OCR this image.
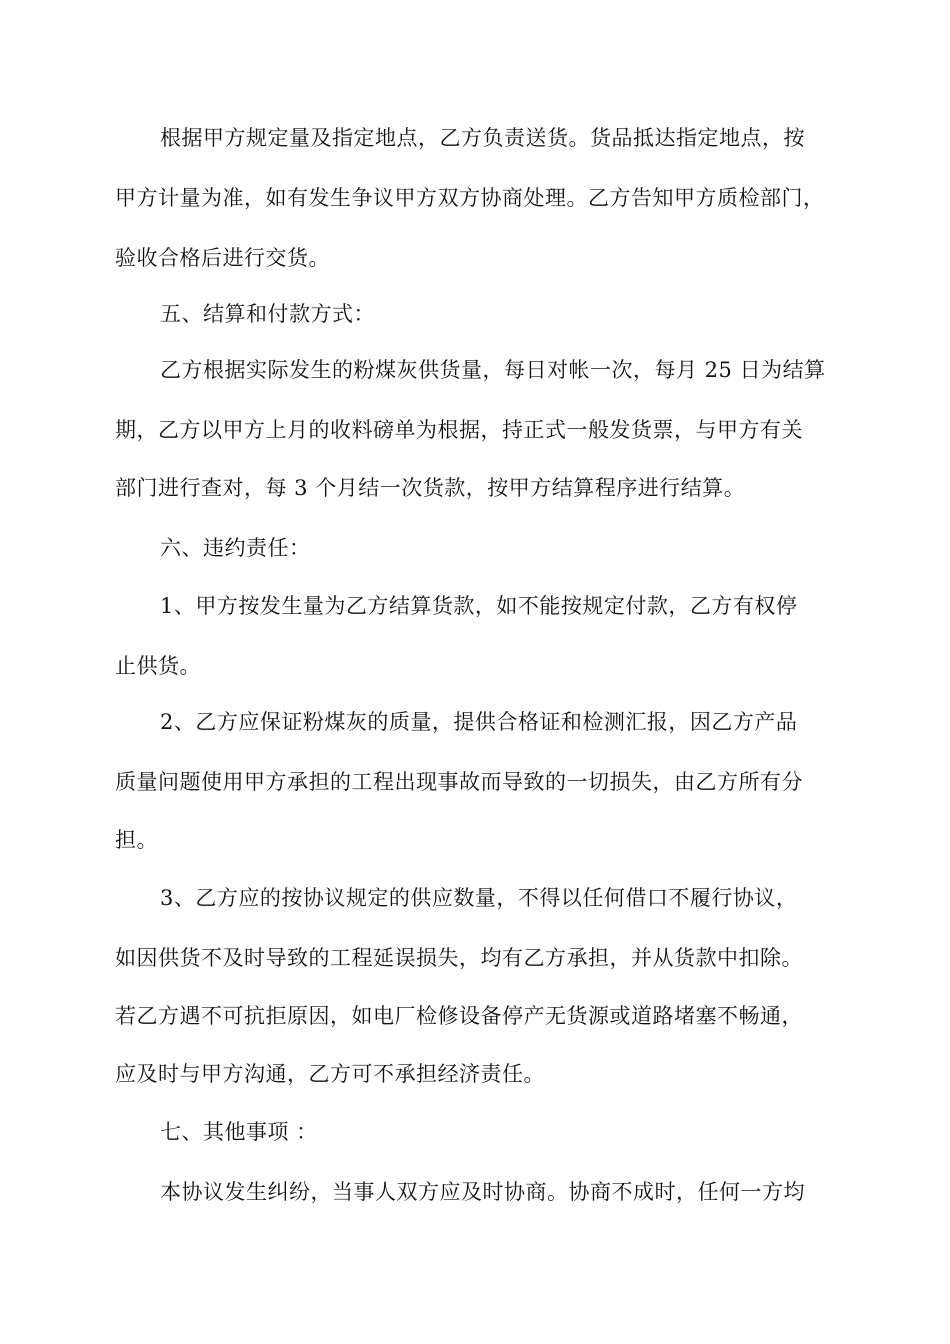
根据甲方规定量及指定地点，乙方负责送货。货品抵达指定地点，按
甲方计量为准，如有发生争议甲方双方协商处理。乙方告知甲方质检部门，
验收合格后进行交货。
五、结算和付款方式：
乙方根据实际发生的粉煤灰供货量，每日对帐一次，每月 25 日为结算
期，乙方以甲方上月的收料磅单为根据，持正式一般发货票，与甲方有关
部门进行查对，每 3 个月结一次货款，按甲方结算程序进行结算。
六、违约责任：
1、甲方按发生量为乙方结算货款，如不能按规定付款，乙方有权停
止供货。
2、乙方应保证粉煤灰的质量，提供合格证和检测汇报，因乙方产品
质量问题使用甲方承担的工程出现事故而导致的一切损失，由乙方所有分
担。
3、乙方应的按协议规定的供应数量，不得以任何借口不履行协议，
如因供货不及时导致的工程延误损失，均有乙方承担，并从货款中扣除。
若乙方遇不可抗拒原因，如电厂检修设备停产无货源或道路堵塞不畅通，
应及时与甲方沟通，乙方可不承担经济责任。
七、其他事项 ：
本协议发生纠纷，当事人双方应及时协商。协商不成时，任何一方均
